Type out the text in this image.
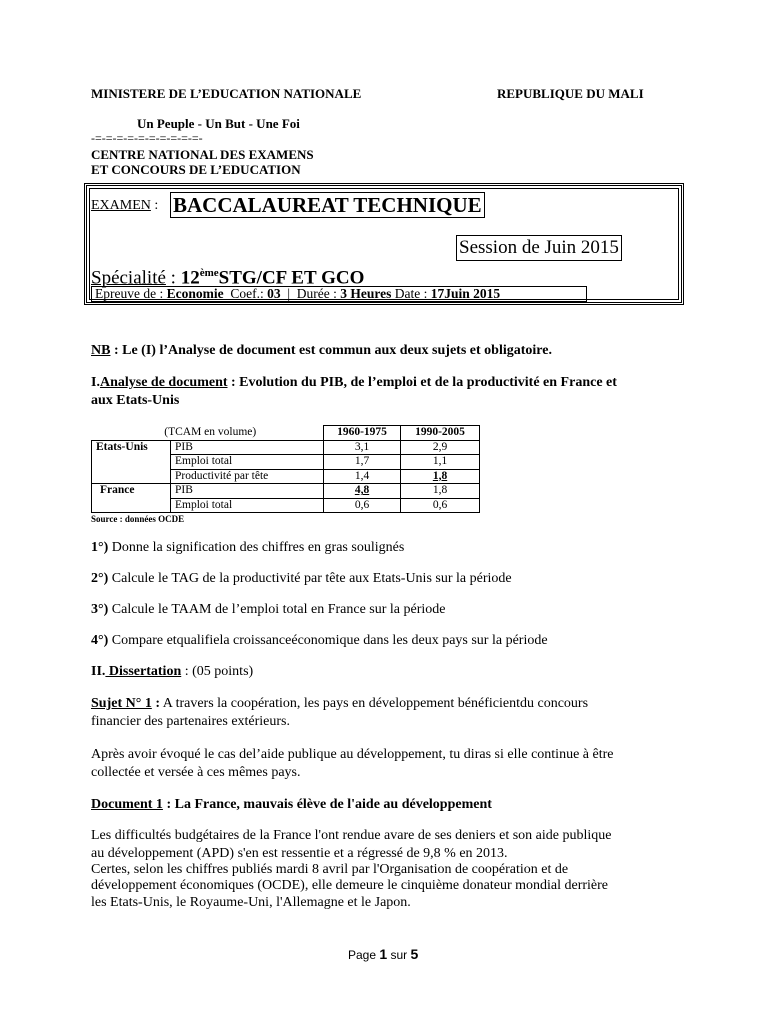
MINISTERE DE L’EDUCATION NATIONALE	REPUBLIQUE DU MALI
Un Peuple - Un But - Une Foi
-=-=-=-=-=-=-=-=-=-=-
CENTRE NATIONAL DES EXAMENS
ET CONCOURS DE L’EDUCATION
EXAMEN : BACCALAUREAT TECHNIQUE
Session de Juin 2015
Spécialité : 12èmeSTG/CF ET GCO
Epreuve de : Economie Coef.: 03 | Durée : 3 Heures Date : 17Juin 2015
NB : Le (I) l’Analyse de document est commun aux deux sujets et obligatoire.
I.Analyse de document : Evolution du PIB, de l’emploi et de la productivité en France et
aux Etats-Unis
(TCAM en volume)		1960-1975	1990-2005
Etats-Unis	PIB	3,1	2,9
	Emploi total	1,7	1,1
	Productivité par tête	1,4	1,8
France	PIB	4,8	1,8
	Emploi total	0,6	0,6
Source : données OCDE
1°) Donne la signification des chiffres en gras soulignés
2°) Calcule le TAG de la productivité par tête aux Etats-Unis sur la période
3°) Calcule le TAAM de l’emploi total en France sur la période
4°) Compare etqualifiela croissanceéconomique dans les deux pays sur la période
II. Dissertation : (05 points)
Sujet N° 1 : A travers la coopération, les pays en développement bénéficientdu concours
financier des partenaires extérieurs.
Après avoir évoqué le cas del’aide publique au développement, tu diras si elle continue à être
collectée et versée à ces mêmes pays.
Document 1 : La France, mauvais élève de l'aide au développement
Les difficultés budgétaires de la France l'ont rendue avare de ses deniers et son aide publique
au développement (APD) s'en est ressentie et a régressé de 9,8 % en 2013.
Certes, selon les chiffres publiés mardi 8 avril par l'Organisation de coopération et de
développement économiques (OCDE), elle demeure le cinquième donateur mondial derrière
les Etats-Unis, le Royaume-Uni, l'Allemagne et le Japon.
Page 1 sur 5
